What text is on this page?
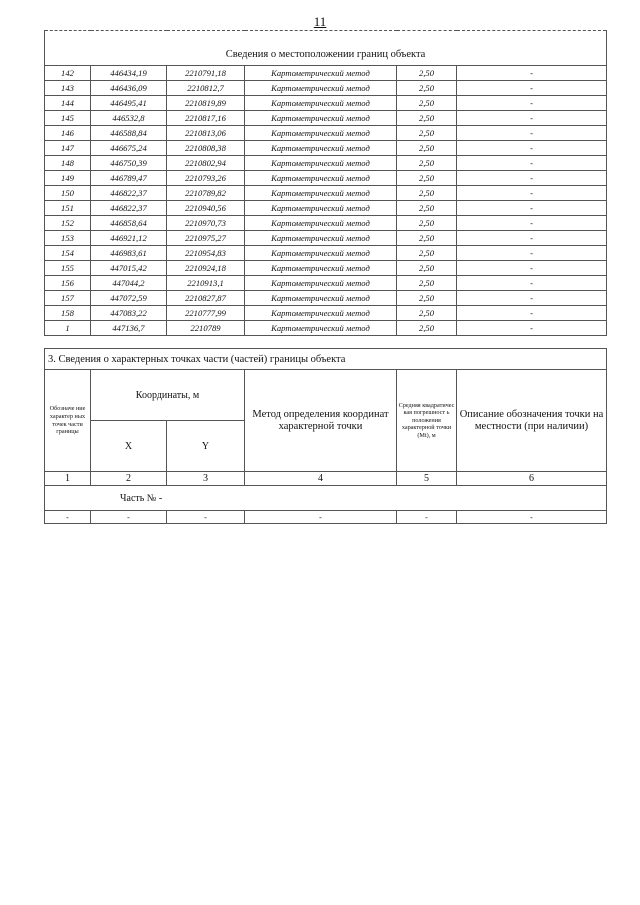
11
Сведения о местоположении границ объекта					
142	446434,19	2210791,18	Картометрический метод	2,50	-
143	446436,09	2210812,7	Картометрический метод	2,50	-
144	446495,41	2210819,89	Картометрический метод	2,50	-
145	446532,8	2210817,16	Картометрический метод	2,50	-
146	446588,84	2210813,06	Картометрический метод	2,50	-
147	446675,24	2210808,38	Картометрический метод	2,50	-
148	446750,39	2210802,94	Картометрический метод	2,50	-
149	446789,47	2210793,26	Картометрический метод	2,50	-
150	446822,37	2210789,82	Картометрический метод	2,50	-
151	446822,37	2210940,56	Картометрический метод	2,50	-
152	446858,64	2210970,73	Картометрический метод	2,50	-
153	446921,12	2210975,27	Картометрический метод	2,50	-
154	446983,61	2210954,83	Картометрический метод	2,50	-
155	447015,42	2210924,18	Картометрический метод	2,50	-
156	447044,2	2210913,1	Картометрический метод	2,50	-
157	447072,59	2210827,87	Картометрический метод	2,50	-
158	447083,22	2210777,99	Картометрический метод	2,50	-
1	447136,7	2210789	Картометрический метод	2,50	-
3. Сведения о характерных точках части (частей) границы объекта					
Обозначе ние характер ных точек части границы	Координаты, м		Метод определения координат характерной точки	Средняя квадратичес кая погрешност ь положения характерной точки (Mt), м	Описание обозначения точки на местности (при наличии)
	X	Y			
1	2	3	4	5	6
Часть № -					
-	-	-	-	-	-
